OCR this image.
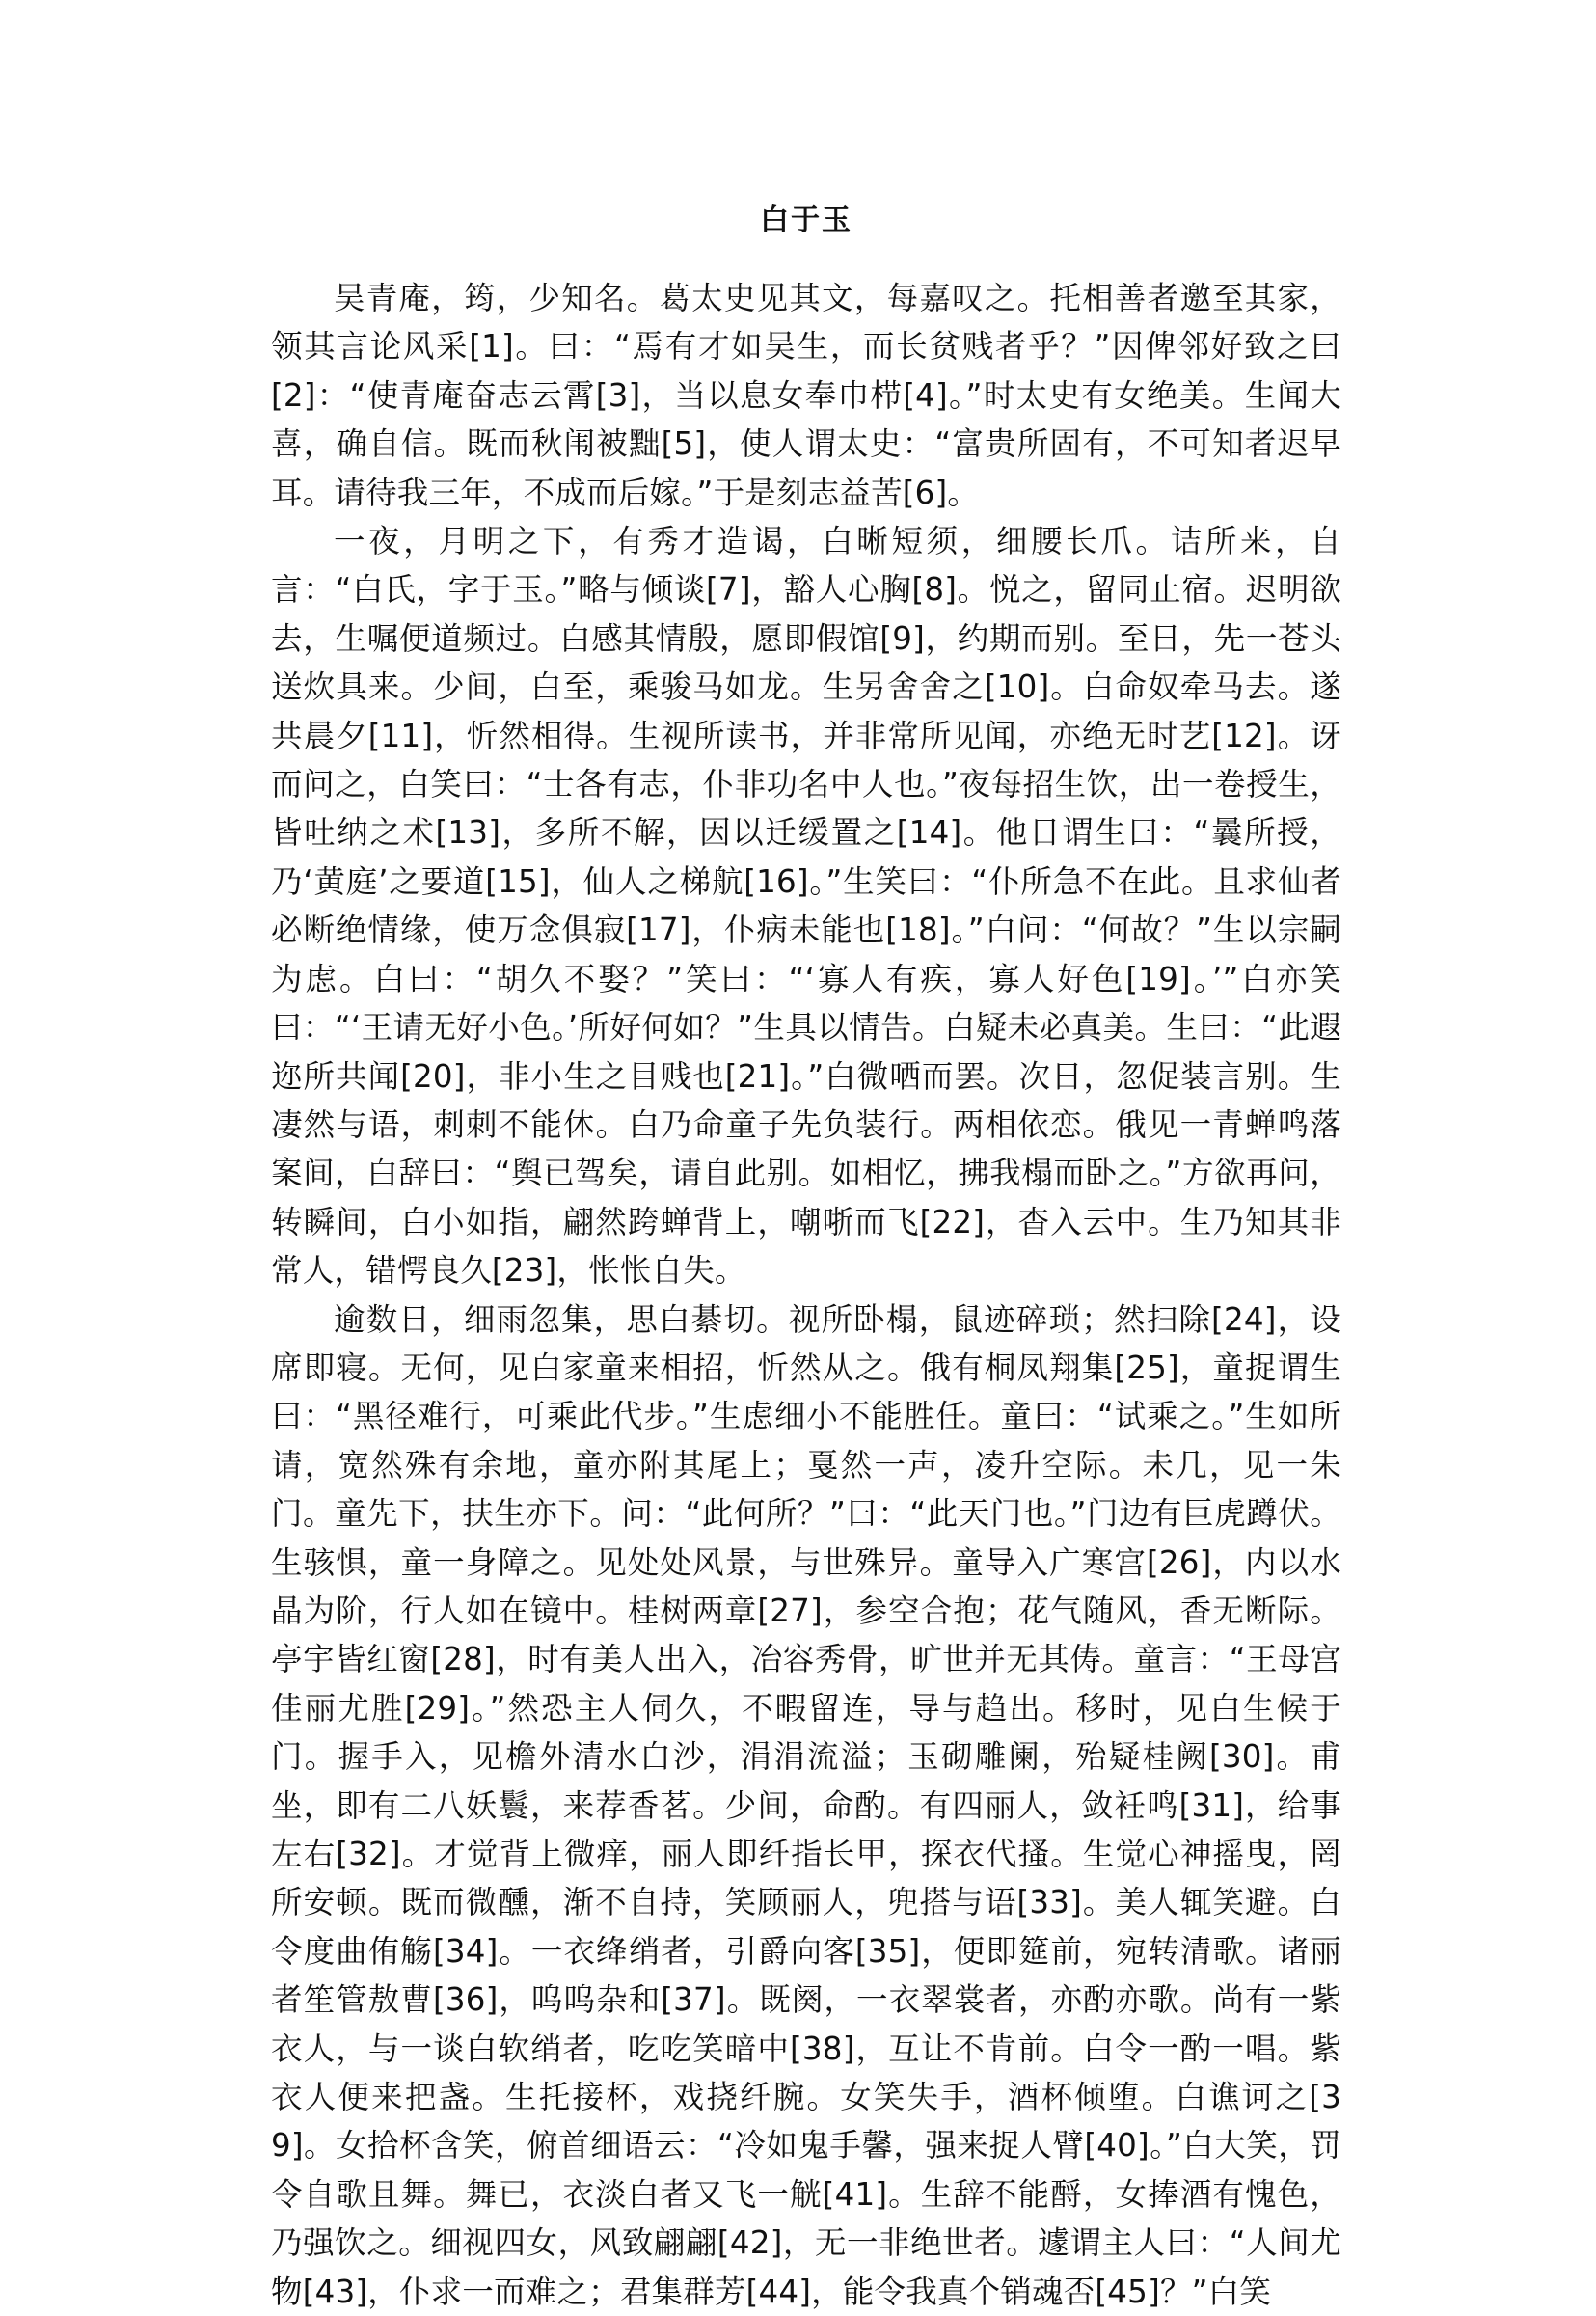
白于玉

吴青庵，筠，少知名。葛太史见其文，每嘉叹之。托相善者邀至其家，领其言论风采[1]。曰：“焉有才如吴生，而长贫贱者乎？”因俾邻好致之曰[2]：“使青庵奋志云霄[3]，当以息女奉巾栉[4]。”时太史有女绝美。生闻大喜，确自信。既而秋闱被黜[5]，使人谓太史：“富贵所固有，不可知者迟早耳。请待我三年，不成而后嫁。”于是刻志益苦[6]。

一夜，月明之下，有秀才造谒，白晰短须，细腰长爪。诘所来，自言：“白氏，字于玉。”略与倾谈[7]，豁人心胸[8]。悦之，留同止宿。迟明欲去，生嘱便道频过。白感其情殷，愿即假馆[9]，约期而别。至日，先一苍头送炊具来。少间，白至，乘骏马如龙。生另舍舍之[10]。白命奴牵马去。遂共晨夕[11]，忻然相得。生视所读书，并非常所见闻，亦绝无时艺[12]。讶而问之，白笑曰：“士各有志，仆非功名中人也。”夜每招生饮，出一卷授生，皆吐纳之术[13]，多所不解，因以迁缓置之[14]。他日谓生曰：“曩所授，乃‘黄庭’之要道[15]，仙人之梯航[16]。”生笑曰：“仆所急不在此。且求仙者必断绝情缘，使万念俱寂[17]，仆病未能也[18]。”白问：“何故？”生以宗嗣为虑。白曰：“胡久不娶？”笑曰：“‘寡人有疾，寡人好色[19]。’”白亦笑曰：“‘王请无好小色。’所好何如？”生具以情告。白疑未必真美。生曰：“此遐迩所共闻[20]，非小生之目贱也[21]。”白微哂而罢。次日，忽促装言别。生凄然与语，刺刺不能休。白乃命童子先负装行。两相依恋。俄见一青蝉鸣落案间，白辞曰：“舆已驾矣，请自此别。如相忆，拂我榻而卧之。”方欲再问，转瞬间，白小如指，翩然跨蝉背上，嘲哳而飞[22]，杳入云中。生乃知其非常人，错愕良久[23]，怅怅自失。

逾数日，细雨忽集，思白綦切。视所卧榻，鼠迹碎琐；然扫除[24]，设席即寝。无何，见白家童来相招，忻然从之。俄有桐凤翔集[25]，童捉谓生曰：“黑径难行，可乘此代步。”生虑细小不能胜任。童曰：“试乘之。”生如所请，宽然殊有余地，童亦附其尾上；戛然一声，凌升空际。未几，见一朱门。童先下，扶生亦下。问：“此何所？”曰：“此天门也。”门边有巨虎蹲伏。生骇惧，童一身障之。见处处风景，与世殊异。童导入广寒宫[26]，内以水晶为阶，行人如在镜中。桂树两章[27]，参空合抱；花气随风，香无断际。亭宇皆红窗[28]，时有美人出入，冶容秀骨，旷世并无其俦。童言：“王母宫佳丽尤胜[29]。”然恐主人伺久，不暇留连，导与趋出。移时，见白生候于门。握手入，见檐外清水白沙，涓涓流溢；玉砌雕阑，殆疑桂阙[30]。甫坐，即有二八妖鬟，来荐香茗。少间，命酌。有四丽人，敛衽鸣[31]，给事左右[32]。才觉背上微痒，丽人即纤指长甲，探衣代搔。生觉心神摇曳，罔所安顿。既而微醺，渐不自持，笑顾丽人，兜搭与语[33]。美人辄笑避。白令度曲侑觞[34]。一衣绛绡者，引爵向客[35]，便即筵前，宛转清歌。诸丽者笙管敖曹[36]，呜呜杂和[37]。既阕，一衣翠裳者，亦酌亦歌。尚有一紫衣人，与一谈白软绡者，吃吃笑暗中[38]，互让不肯前。白令一酌一唱。紫衣人便来把盏。生托接杯，戏挠纤腕。女笑失手，酒杯倾堕。白谯诃之[39]。女拾杯含笑，俯首细语云：“冷如鬼手馨，强来捉人臂[40]。”白大笑，罚令自歌且舞。舞已，衣淡白者又飞一觥[41]。生辞不能酹，女捧酒有愧色，乃强饮之。细视四女，风致翩翩[42]，无一非绝世者。遽谓主人曰：“人间尤物[43]，仆求一而难之；君集群芳[44]，能令我真个销魂否[45]？”白笑
